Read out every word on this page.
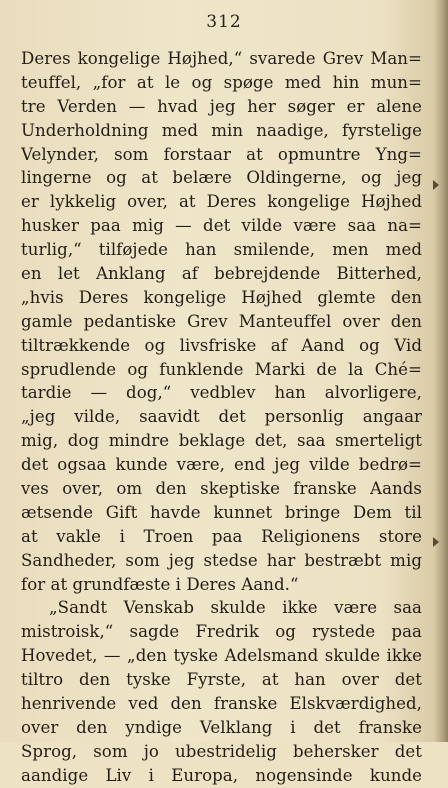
312
Deres kongelige Højhed,“ svarede Grev Man=
teuffel, „for at le og spøge med hin mun=
tre Verden — hvad jeg her søger er alene
Underholdning med min naadige, fyrstelige
Velynder, som forstaar at opmuntre Yng=
lingerne og at belære Oldingerne, og jeg
er lykkelig over, at Deres kongelige Højhed
husker paa mig — det vilde være saa na=
turlig,“ tilføjede han smilende, men med
en let Anklang af bebrejdende Bitterhed,
„hvis Deres kongelige Højhed glemte den
gamle pedantiske Grev Manteuffel over den
tiltrækkende og livsfriske af Aand og Vid
sprudlende og funklende Marki de la Ché=
tardie — dog,“ vedblev han alvorligere,
„jeg vilde, saavidt det personlig angaar
mig, dog mindre beklage det, saa smerteligt
det ogsaa kunde være, end jeg vilde bedrø=
ves over, om den skeptiske franske Aands
ætsende Gift havde kunnet bringe Dem til
at vakle i Troen paa Religionens store
Sandheder, som jeg stedse har bestræbt mig
for at grundfæste i Deres Aand.“
„Sandt Venskab skulde ikke være saa
mistroisk,“ sagde Fredrik og rystede paa
Hovedet, — „den tyske Adelsmand skulde ikke
tiltro den tyske Fyrste, at han over det
henrivende ved den franske Elskværdighed,
over den yndige Velklang i det franske
Sprog, som jo ubestridelig behersker det
aandige Liv i Europa, nogensinde kunde
